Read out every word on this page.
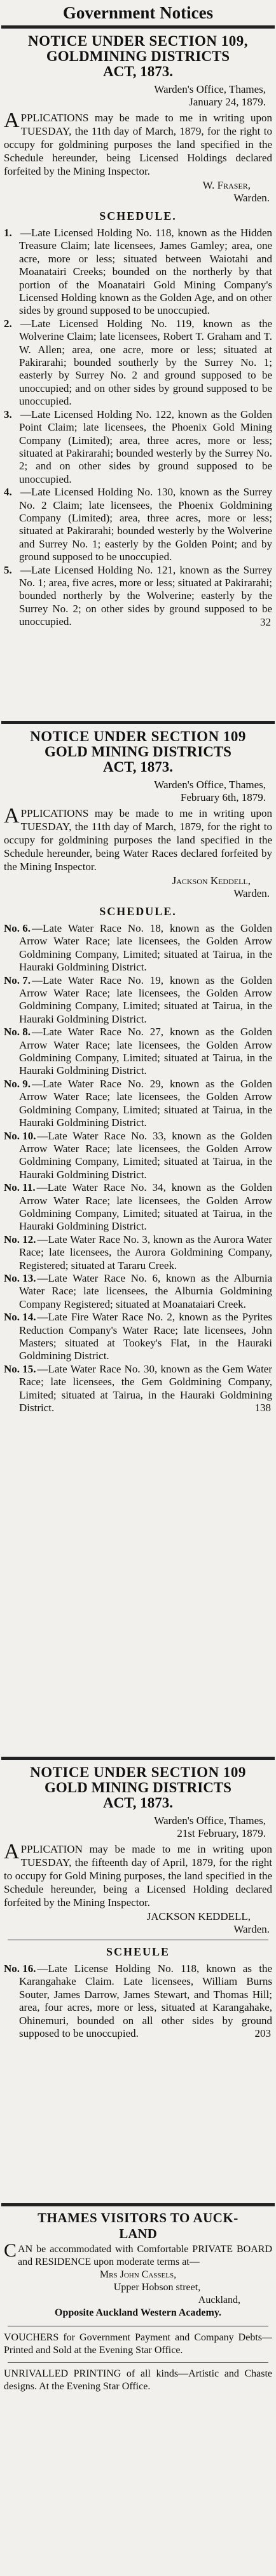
Government Notices
NOTICE UNDER SECTION 109,
GOLDMINING DISTRICTS
ACT, 1873.
Warden's Office, Thames,
January 24, 1879.
APPLICATIONS may be made to me in writing upon TUESDAY, the 11th day of March, 1879, for the right to occupy for goldmining purposes the land specified in the Schedule hereunder, being Licensed Holdings declared forfeited by the Mining Inspector.
W. Fraser,
Warden.
SCHEDULE.
1. —Late Licensed Holding No. 118, known as the Hidden Treasure Claim; late licensees, James Gamley; area, one acre, more or less; situated between Waiotahi and Moanatairi Creeks; bounded on the northerly by that portion of the Moanatairi Gold Mining Company's Licensed Holding known as the Golden Age, and on other sides by ground supposed to be unoccupied.
2. —Late Licensed Holding No. 119, known as the Wolverine Claim; late licensees, Robert T. Graham and T. W. Allen; area, one acre, more or less; situated at Pakirarahi; bounded southerly by the Surrey No. 1; easterly by Surrey No. 2 and ground supposed to be unoccupied; and on other sides by ground supposed to be unoccupied.
3. —Late Licensed Holding No. 122, known as the Golden Point Claim; late licensees, the Phoenix Gold Mining Company (Limited); area, three acres, more or less; situated at Pakirarahi; bounded westerly by the Surrey No. 2; and on other sides by ground supposed to be unoccupied.
4. —Late Licensed Holding No. 130, known as the Surrey No. 2 Claim; late licensees, the Phoenix Goldmining Company (Limited); area, three acres, more or less; situated at Pakirarahi; bounded westerly by the Wolverine and Surrey No. 1; easterly by the Golden Point; and by ground supposed to be unoccupied.
5. —Late Licensed Holding No. 121, known as the Surrey No. 1; area, five acres, more or less; situated at Pakirarahi; bounded northerly by the Wolverine; easterly by the Surrey No. 2; on other sides by ground supposed to be unoccupied.	32
NOTICE UNDER SECTION 109
GOLD MINING DISTRICTS
ACT, 1873.
Warden's Office, Thames,
February 6th, 1879.
APPLICATIONS may be made to me in writing upon TUESDAY, the 11th day of March, 1879, for the right to occupy for goldmining purposes the land specified in the Schedule hereunder, being Water Races declared forfeited by the Mining Inspector.
Jackson Keddell,
Warden.
SCHEDULE.
No. 6. —Late Water Race No. 18, known as the Golden Arrow Water Race; late licensees, the Golden Arrow Goldmining Company, Limited; situated at Tairua, in the Hauraki Goldmining District.
No. 7. —Late Water Race No. 19, known as the Golden Arrow Water Race; late licensees, the Golden Arrow Goldmining Company, Limited; situated at Tairua, in the Hauraki Goldmining District.
No. 8. —Late Water Race No. 27, known as the Golden Arrow Water Race; late licensees, the Golden Arrow Goldmining Company, Limited; situated at Tairua, in the Hauraki Goldmining District.
No. 9. —Late Water Race No. 29, known as the Golden Arrow Water Race; late licensees, the Golden Arrow Goldmining Company, Limited; situated at Tairua, in the Hauraki Goldmining District.
No. 10. —Late Water Race No. 33, known as the Golden Arrow Water Race; late licensees, the Golden Arrow Goldmining Company, Limited; situated at Tairua, in the Hauraki Goldmining District.
No. 11. —Late Water Race No. 34, known as the Golden Arrow Water Race; late licensees, the Golden Arrow Goldmining Company, Limited; situated at Tairua, in the Hauraki Goldmining District.
No. 12. —Late Water Race No. 3, known as the Aurora Water Race; late licensees, the Aurora Goldmining Company, Registered; situated at Tararu Creek.
No. 13. —Late Water Race No. 6, known as the Alburnia Water Race; late licensees, the Alburnia Goldmining Company Registered; situated at Moanataiari Creek.
No. 14. —Late Fire Water Race No. 2, known as the Pyrites Reduction Company's Water Race; late licensees, John Masters; situated at Tookey's Flat, in the Hauraki Goldmining District.
No. 15. —Late Water Race No. 30, known as the Gem Water Race; late licensees, the Gem Goldmining Company, Limited; situated at Tairua, in the Hauraki Goldmining District.	138
NOTICE UNDER SECTION 109
GOLD MINING DISTRICTS
ACT, 1873.
Warden's Office, Thames,
21st February, 1879.
APPLICATION may be made to me in writing upon TUESDAY, the fifteenth day of April, 1879, for the right to occupy for Gold Mining purposes, the land specified in the Schedule hereunder, being a Licensed Holding declared forfeited by the Mining Inspector.
JACKSON KEDDELL,
Warden.
SCHEULE
No. 16. —Late License Holding No. 118, known as the Karangahake Claim. Late licensees, William Burns Souter, James Darrow, James Stewart, and Thomas Hill; area, four acres, more or less, situated at Karangahake, Ohinemuri, bounded on all other sides by ground supposed to be unoccupied.	203
THAMES VISITORS TO AUCK-
LAND
CAN be accommodated with Comfortable PRIVATE BOARD and RESIDENCE upon moderate terms at—
Mrs John Cassels,
Upper Hobson street,
Auckland,
Opposite Auckland Western Academy.
VOUCHERS for Government Payment and Company Debts—Printed and Sold at the Evening Star Office.
UNRIVALLED PRINTING of all kinds—Artistic and Chaste designs. At the Evening Star Office.
